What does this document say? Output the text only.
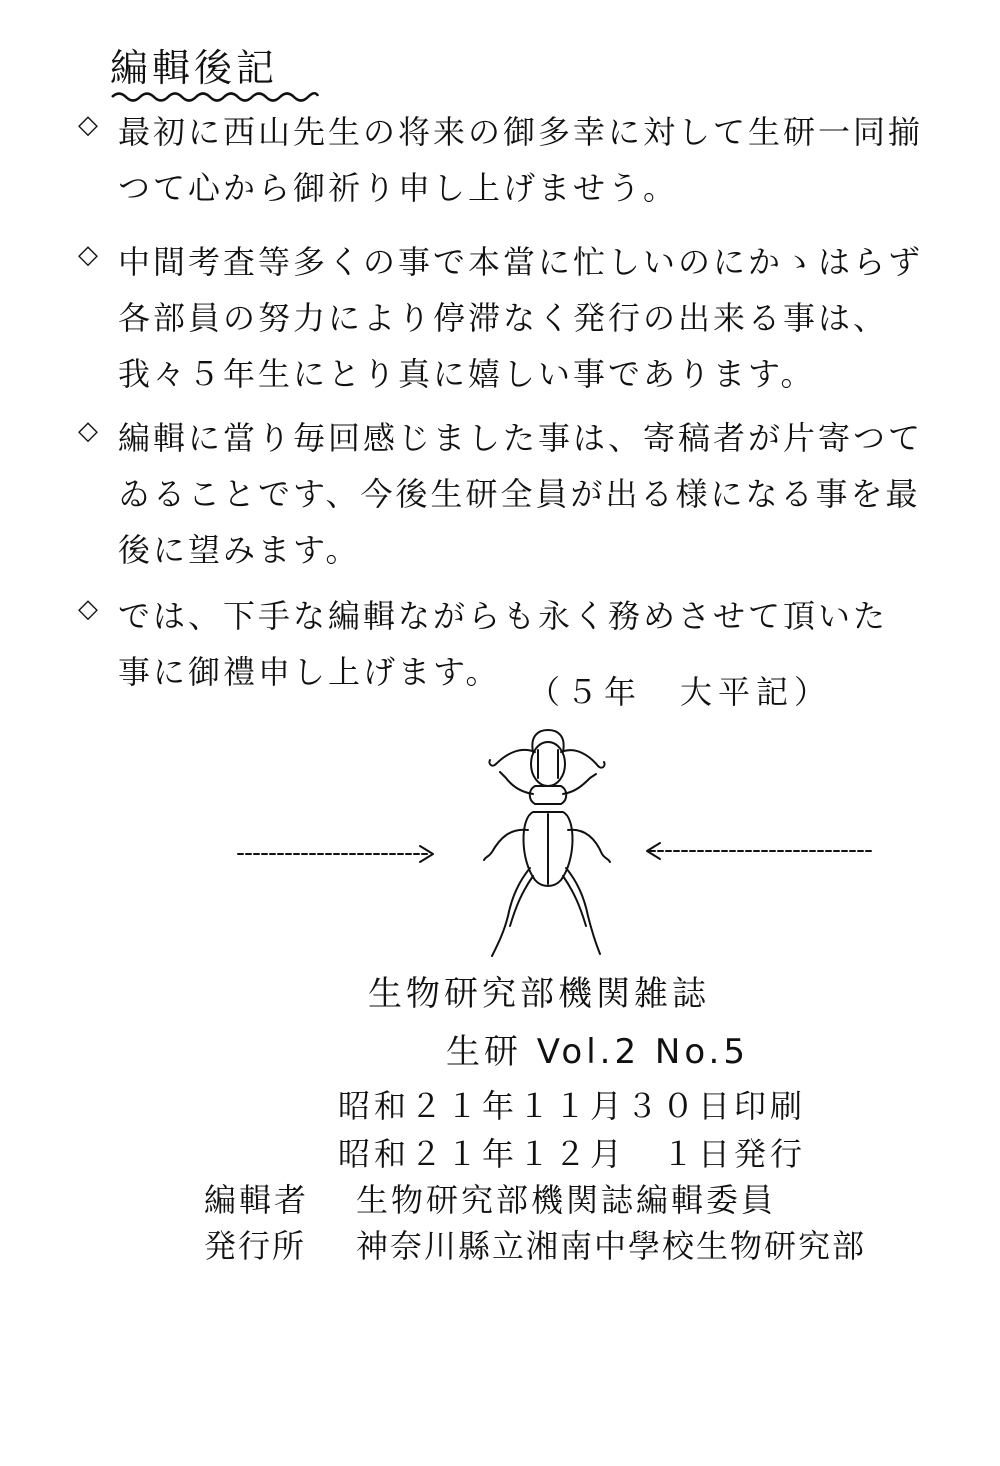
編輯後記
◇ 最初に西山先生の将来の御多幸に対して生研一同揃
つて心から御祈り申し上げませう。
◇ 中間考査等多くの事で本當に忙しいのにかゝはらず
各部員の努力により停滞なく発行の出来る事は、
我々５年生にとり真に嬉しい事であります。
◇ 編輯に當り毎回感じました事は、寄稿者が片寄つて
ゐることです、今後生研全員が出る様になる事を最
後に望みます。
◇ では、下手な編輯ながらも永く務めさせて頂いた
事に御禮申し上げます。
（５年　大平記）
生物研究部機関雑誌
生研 Vol.2 No.5
昭和２１年１１月３０日印刷
昭和２１年１２月　１日発行
編輯者 生物研究部機関誌編輯委員
発行所 神奈川縣立湘南中學校生物研究部
